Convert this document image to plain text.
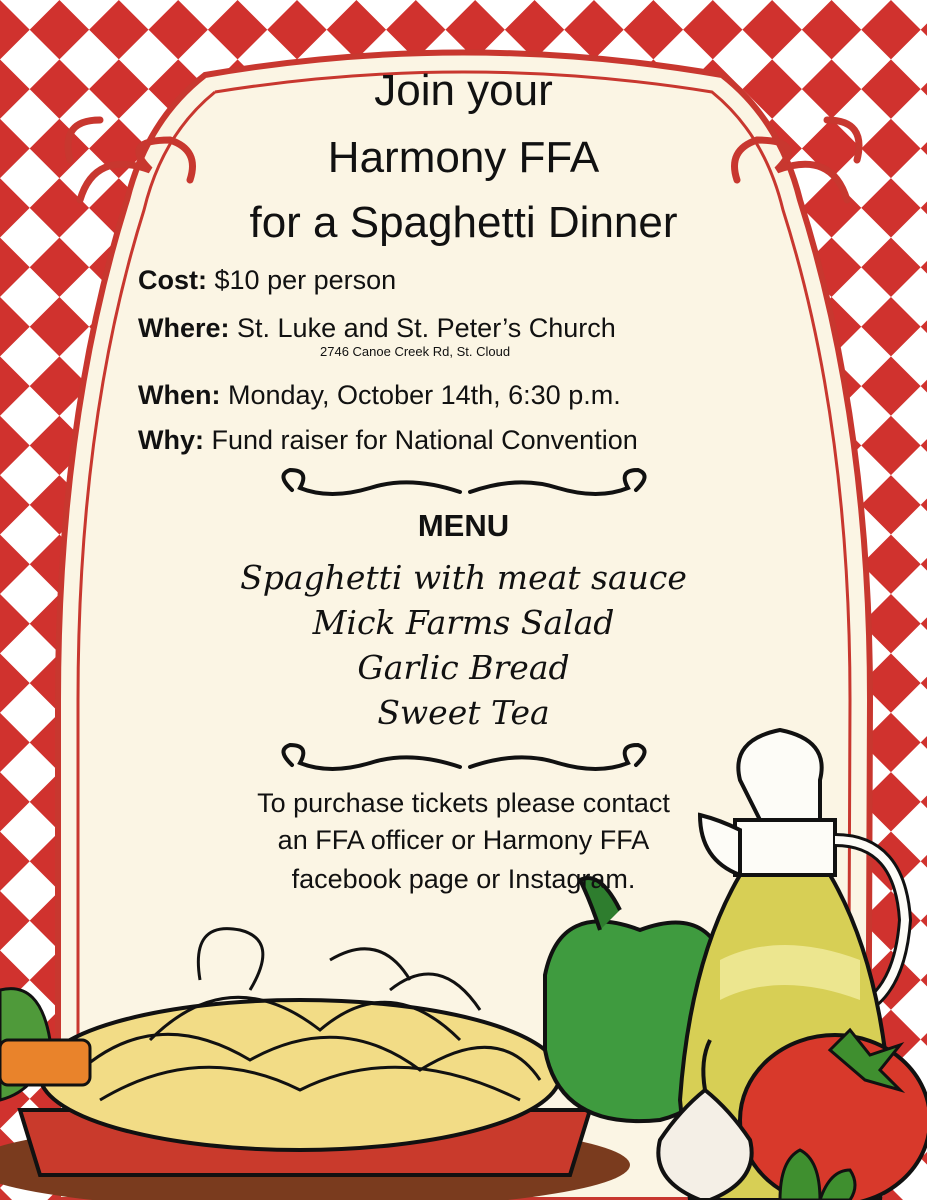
Join your
Harmony FFA
for a Spaghetti Dinner
Cost: $10 per person
Where: St. Luke and St. Peter’s Church
2746 Canoe Creek Rd, St. Cloud
When: Monday, October 14th, 6:30 p.m.
Why: Fund raiser for National Convention
MENU
Spaghetti with meat sauce
Mick Farms Salad
Garlic Bread
Sweet Tea
To purchase tickets please contact
an FFA officer or Harmony FFA
facebook page or Instagram.
